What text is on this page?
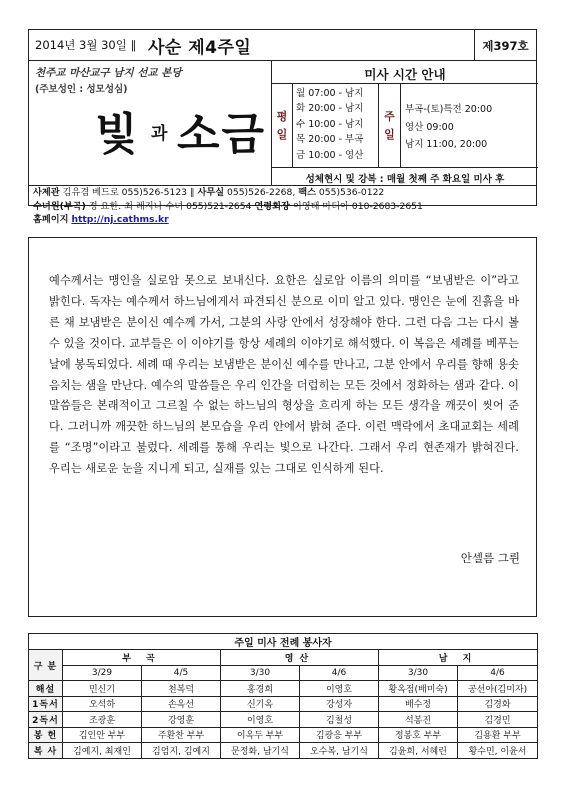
2014년 3월 30일 ∥ 사순 제4주일	제397호
천주교 마산교구 남지 선교 본당
(주보성인 : 성모성심)
빛 과 소금
미사 시간 안내
평
일
월 07:00 - 남지
화 20:00 - 남지
수 10:00 - 남지
목 20:00 - 부곡
금 10:00 - 영산
주
일
부곡-(토)특전 20:00
영산 09:00
남지 11:00, 20:00
성체현시 및 강복 : 매월 첫째 주 화요일 미사 후
사제관 김유겸 베드로 055)526-5123 ∥ 사무실 055)526-2268, 팩스 055)536-0122
수녀원(부곡) 정 요한. 최 레지나 수녀 055)521-2654 연령회장 이영태 마티아 010-2683-2651
홈페이지 http://nj.cathms.kr

예수께서는 맹인을 실로암 못으로 보내신다. 요한은 실로암 이름의 의미를 “보냄받은 이”라고 밝힌다. 독자는 예수께서 하느님에게서 파견되신 분으로 이미 알고 있다. 맹인은 눈에 진흙을 바른 채 보냄받은 분이신 예수께 가서, 그분의 사랑 안에서 성장해야 한다. 그런 다음 그는 다시 볼 수 있을 것이다. 교부들은 이 이야기를 항상 세례의 이야기로 해석했다. 이 복음은 세례를 베푸는 날에 봉독되었다. 세례 때 우리는 보냄받은 분이신 예수를 만나고, 그분 안에서 우리를 향해 용솟음치는 샘을 만난다. 예수의 말씀들은 우리 인간을 더럽히는 모든 것에서 정화하는 샘과 같다. 이 말씀들은 본래적이고 그르칠 수 없는 하느님의 형상을 흐리게 하는 모든 생각을 깨끗이 씻어 준다. 그러니까 깨끗한 하느님의 본모습을 우리 안에서 밝혀 준다. 이런 맥락에서 초대교회는 세례를 “조명”이라고 불렀다. 세례를 통해 우리는 빛으로 나간다. 그래서 우리 현존재가 밝혀진다. 우리는 새로운 눈을 지니게 되고, 실재를 있는 그대로 인식하게 된다.

안셀름 그륀
주일 미사 전례 봉사자						
구 분	부 곡		영산		남 지	
	3/29	4/5	3/30	4/6	3/30	4/6
해설	민신기	천복덕	홍경희	이영호	황옥점(배미숙)	공선아(김미자)
1독서	오석하	손옥선	신기옥	강성자	배수정	김경화
2독서	조광훈	강영훈	이영호	김철성	석봉진	김경민
봉 헌	김인안 부부	주환찬 부부	이옥두 부부	김광응 부부	정봉호 부부	김용환 부부
복 사	김예지, 최재인	김엄지, 김예지	문정화, 남기식	오수복, 남기식	김윤희, 서혜린	황수민, 이윤서
